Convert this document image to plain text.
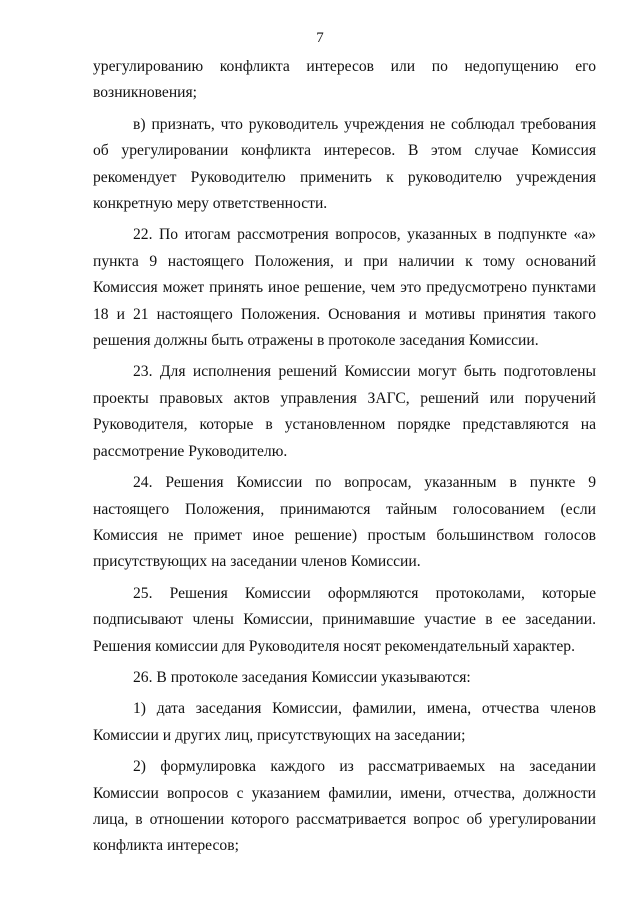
7

урегулированию конфликта интересов или по недопущению его возникновения;

в) признать, что руководитель учреждения не соблюдал требования об урегулировании конфликта интересов. В этом случае Комиссия рекомендует Руководителю применить к руководителю учреждения конкретную меру ответственности.

22. По итогам рассмотрения вопросов, указанных в подпункте «а» пункта 9 настоящего Положения, и при наличии к тому оснований Комиссия может принять иное решение, чем это предусмотрено пунктами 18 и 21 настоящего Положения. Основания и мотивы принятия такого решения должны быть отражены в протоколе заседания Комиссии.

23. Для исполнения решений Комиссии могут быть подготовлены проекты правовых актов управления ЗАГС, решений или поручений Руководителя, которые в установленном порядке представляются на рассмотрение Руководителю.

24. Решения Комиссии по вопросам, указанным в пункте 9 настоящего Положения, принимаются тайным голосованием (если Комиссия не примет иное решение) простым большинством голосов присутствующих на заседании членов Комиссии.

25. Решения Комиссии оформляются протоколами, которые подписывают члены Комиссии, принимавшие участие в ее заседании. Решения комиссии для Руководителя носят рекомендательный характер.

26. В протоколе заседания Комиссии указываются:

1) дата заседания Комиссии, фамилии, имена, отчества членов Комиссии и других лиц, присутствующих на заседании;

2) формулировка каждого из рассматриваемых на заседании Комиссии вопросов с указанием фамилии, имени, отчества, должности лица, в отношении которого рассматривается вопрос об урегулировании конфликта интересов;
